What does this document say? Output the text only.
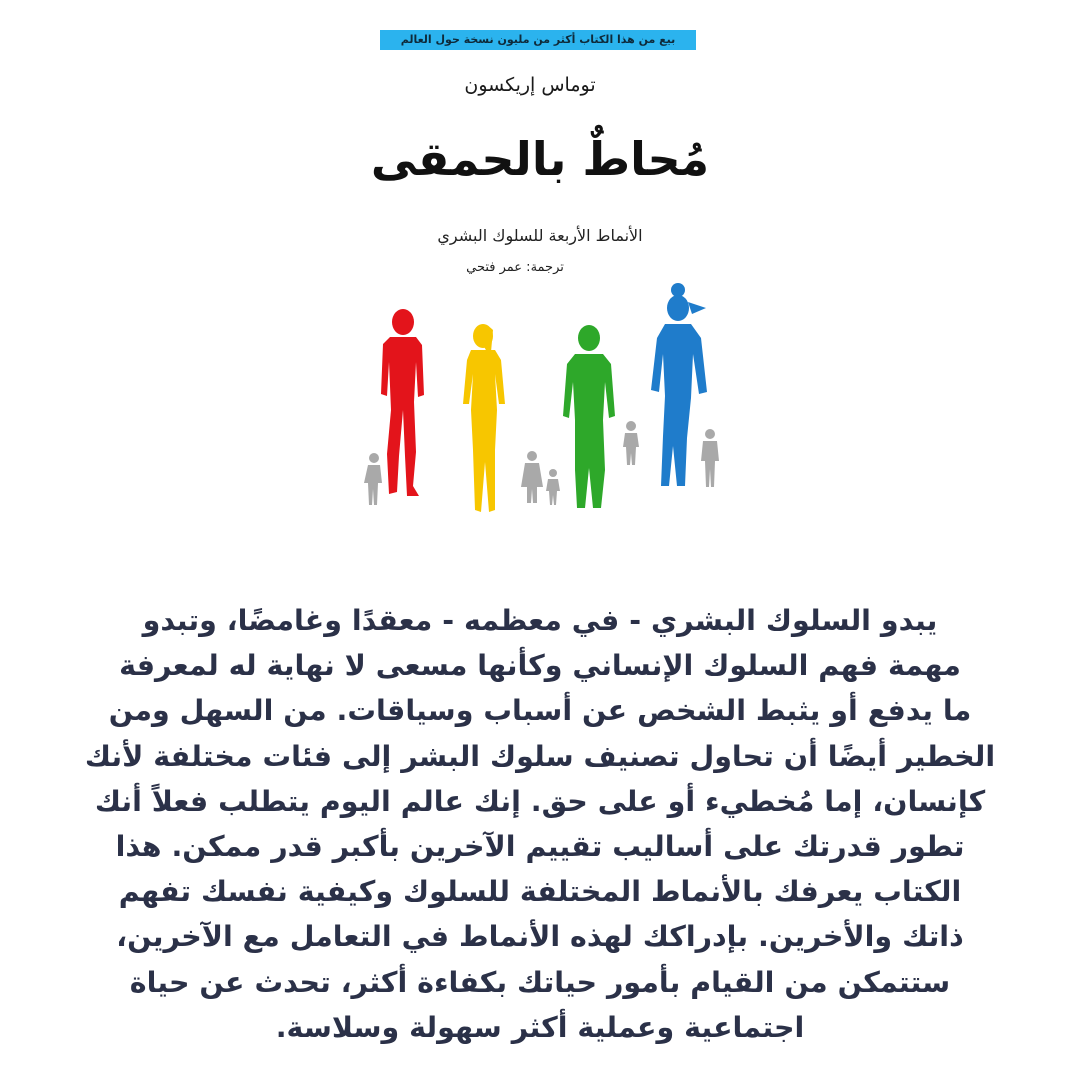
بيع من هذا الكتاب أكثر من مليون نسخة حول العالم
توماس إريكسون
مُحاطٌ بالحمقى
الأنماط الأربعة للسلوك البشري
ترجمة: عمر فتحي
يبدو السلوك البشري - في معظمه - معقدًا وغامضًا، وتبدو
مهمة فهم السلوك الإنساني وكأنها مسعى لا نهاية له لمعرفة
ما يدفع أو يثبط الشخص عن أسباب وسياقات. من السهل ومن
الخطير أيضًا أن تحاول تصنيف سلوك البشر إلى فئات مختلفة لأنك
كإنسان، إما مُخطيء أو على حق. إنك عالم اليوم يتطلب فعلاً أنك
تطور قدرتك على أساليب تقييم الآخرين بأكبر قدر ممكن. هذا
الكتاب يعرفك بالأنماط المختلفة للسلوك وكيفية نفسك تفهم
ذاتك والأخرين. بإدراكك لهذه الأنماط في التعامل مع الآخرين،
ستتمكن من القيام بأمور حياتك بكفاءة أكثر، تحدث عن حياة
اجتماعية وعملية أكثر سهولة وسلاسة.
